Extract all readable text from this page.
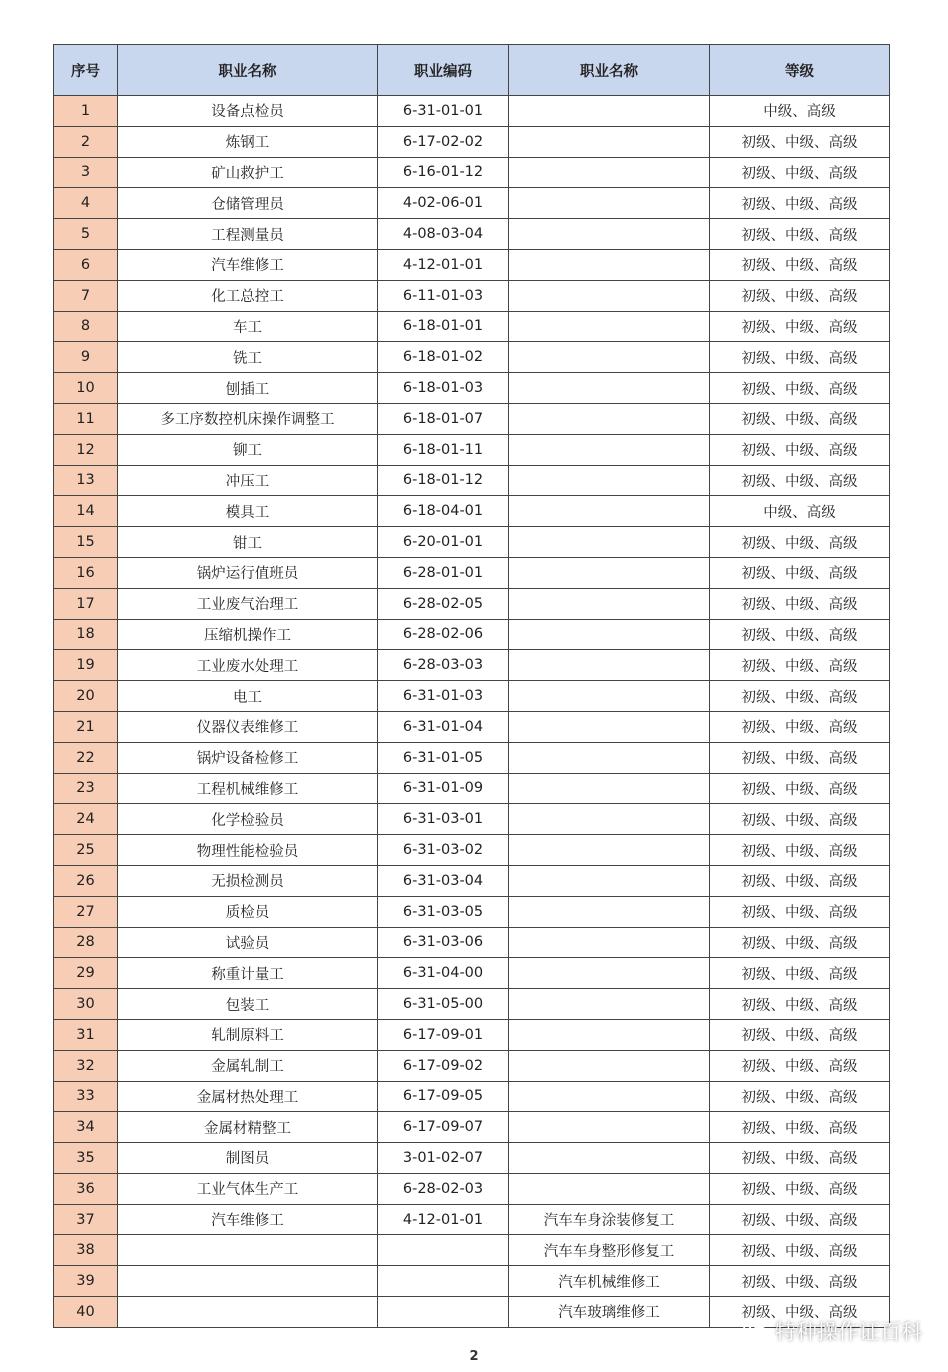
序号	职业名称	职业编码	职业名称	等级
1	设备点检员	6-31-01-01		中级、高级
2	炼钢工	6-17-02-02		初级、中级、高级
3	矿山救护工	6-16-01-12		初级、中级、高级
4	仓储管理员	4-02-06-01		初级、中级、高级
5	工程测量员	4-08-03-04		初级、中级、高级
6	汽车维修工	4-12-01-01		初级、中级、高级
7	化工总控工	6-11-01-03		初级、中级、高级
8	车工	6-18-01-01		初级、中级、高级
9	铣工	6-18-01-02		初级、中级、高级
10	刨插工	6-18-01-03		初级、中级、高级
11	多工序数控机床操作调整工	6-18-01-07		初级、中级、高级
12	铆工	6-18-01-11		初级、中级、高级
13	冲压工	6-18-01-12		初级、中级、高级
14	模具工	6-18-04-01		中级、高级
15	钳工	6-20-01-01		初级、中级、高级
16	锅炉运行值班员	6-28-01-01		初级、中级、高级
17	工业废气治理工	6-28-02-05		初级、中级、高级
18	压缩机操作工	6-28-02-06		初级、中级、高级
19	工业废水处理工	6-28-03-03		初级、中级、高级
20	电工	6-31-01-03		初级、中级、高级
21	仪器仪表维修工	6-31-01-04		初级、中级、高级
22	锅炉设备检修工	6-31-01-05		初级、中级、高级
23	工程机械维修工	6-31-01-09		初级、中级、高级
24	化学检验员	6-31-03-01		初级、中级、高级
25	物理性能检验员	6-31-03-02		初级、中级、高级
26	无损检测员	6-31-03-04		初级、中级、高级
27	质检员	6-31-03-05		初级、中级、高级
28	试验员	6-31-03-06		初级、中级、高级
29	称重计量工	6-31-04-00		初级、中级、高级
30	包装工	6-31-05-00		初级、中级、高级
31	轧制原料工	6-17-09-01		初级、中级、高级
32	金属轧制工	6-17-09-02		初级、中级、高级
33	金属材热处理工	6-17-09-05		初级、中级、高级
34	金属材精整工	6-17-09-07		初级、中级、高级
35	制图员	3-01-02-07		初级、中级、高级
36	工业气体生产工	6-28-02-03		初级、中级、高级
37	汽车维修工	4-12-01-01	汽车车身涂装修复工	初级、中级、高级
38			汽车车身整形修复工	初级、中级、高级
39			汽车机械维修工	初级、中级、高级
40			汽车玻璃维修工	初级、中级、高级
2
特种操作证百科
